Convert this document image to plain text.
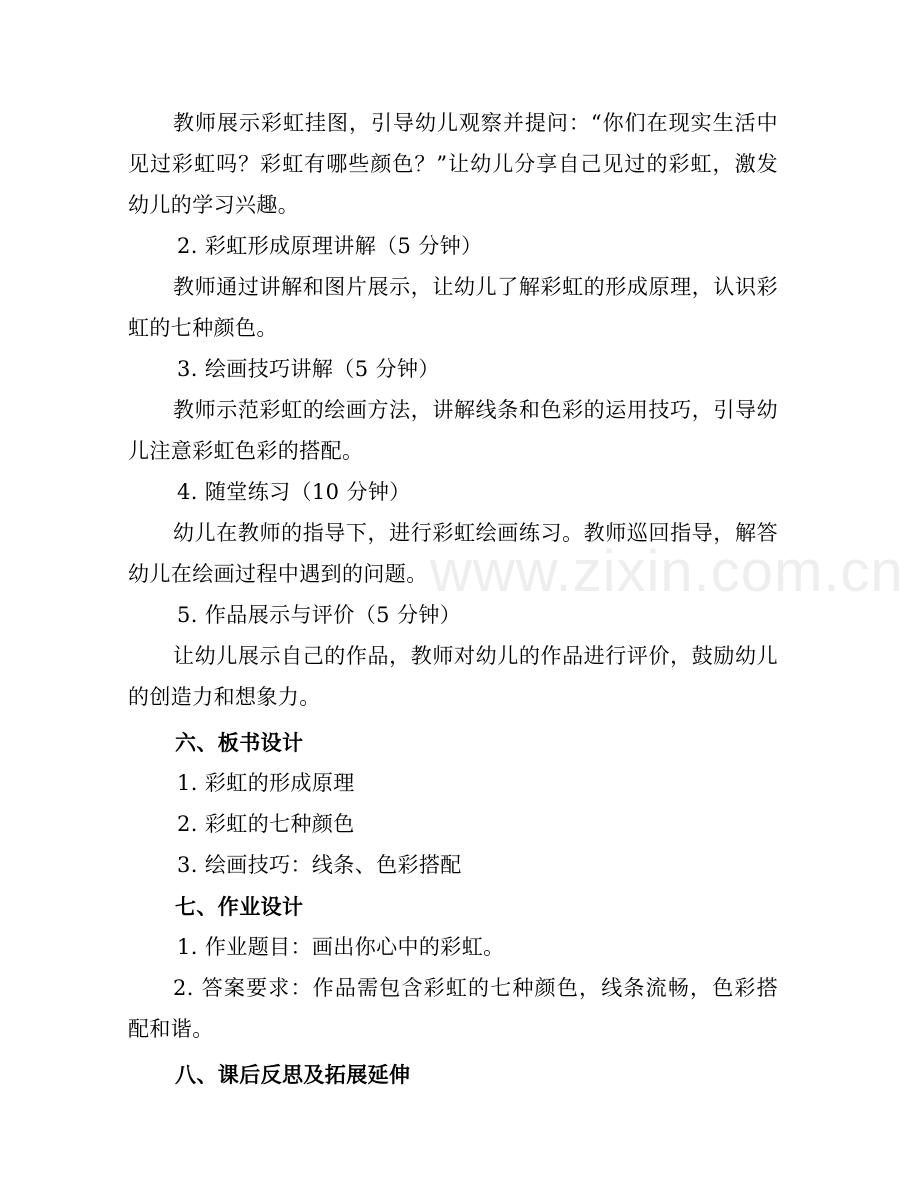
教师展示彩虹挂图，引导幼儿观察并提问：“你们在现实生活中见过彩虹吗？彩虹有哪些颜色？”让幼儿分享自己见过的彩虹，激发幼儿的学习兴趣。

2. 彩虹形成原理讲解（5 分钟）

教师通过讲解和图片展示，让幼儿了解彩虹的形成原理，认识彩虹的七种颜色。

3. 绘画技巧讲解（5 分钟）

教师示范彩虹的绘画方法，讲解线条和色彩的运用技巧，引导幼儿注意彩虹色彩的搭配。

4. 随堂练习（10 分钟）

幼儿在教师的指导下，进行彩虹绘画练习。教师巡回指导，解答幼儿在绘画过程中遇到的问题。

5. 作品展示与评价（5 分钟）

让幼儿展示自己的作品，教师对幼儿的作品进行评价，鼓励幼儿的创造力和想象力。

六、板书设计

1. 彩虹的形成原理

2. 彩虹的七种颜色

3. 绘画技巧：线条、色彩搭配

七、作业设计

1. 作业题目：画出你心中的彩虹。

2. 答案要求：作品需包含彩虹的七种颜色，线条流畅，色彩搭配和谐。

八、课后反思及拓展延伸

www.zixin.com.cn
